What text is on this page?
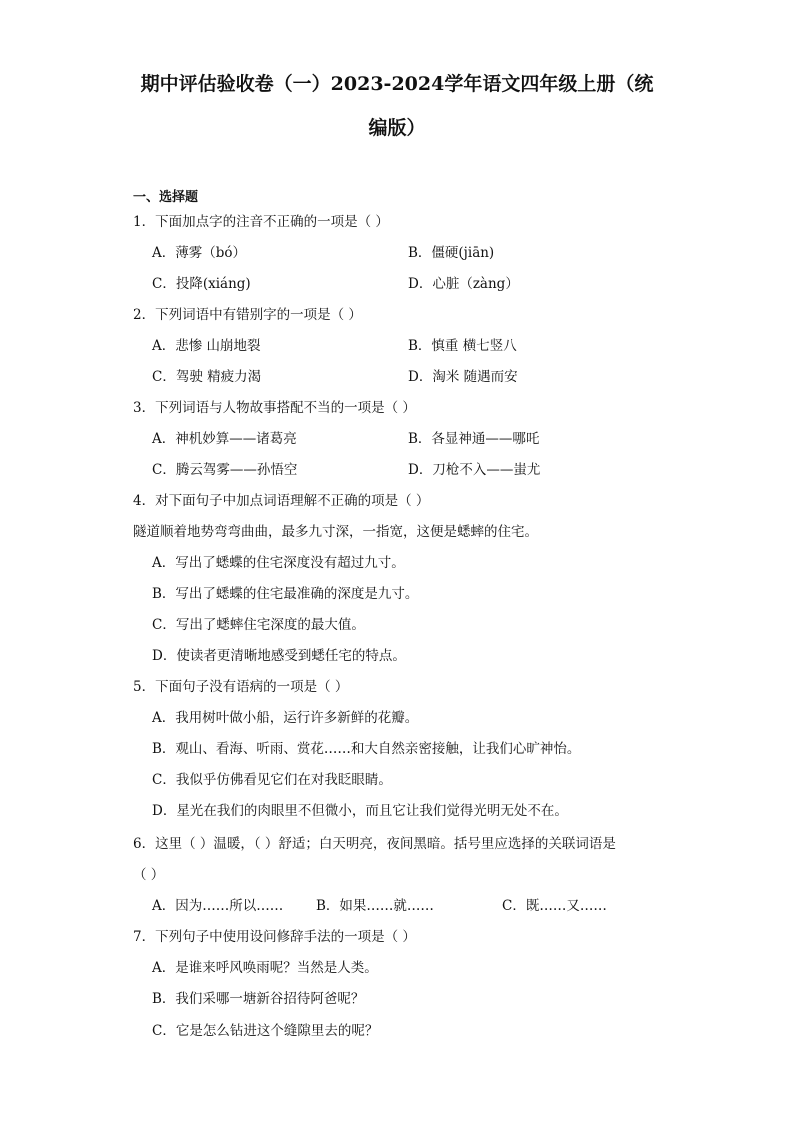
期中评估验收卷（一）2023-2024学年语文四年级上册（统
编版）
一、选择题
1．下面加点字的注音不正确的一项是（ ）
A．薄雾（bó）	B．僵硬(jiān)
C．投降(xiáng)	D．心脏（zàng）
2．下列词语中有错别字的一项是（ ）
A．悲惨 山崩地裂	B．慎重 横七竖八
C．驾驶 精疲力渴	D．淘米 随遇而安
3．下列词语与人物故事搭配不当的一项是（ ）
A．神机妙算——诸葛亮	B．各显神通——哪吒
C．腾云驾雾——孙悟空	D．刀枪不入——蚩尤
4．对下面句子中加点词语理解不正确的项是（ ）
隧道顺着地势弯弯曲曲，最多九寸深，一指宽，这便是蟋蟀的住宅。
A．写出了蟋蝶的住宅深度没有超过九寸。
B．写出了蟋蝶的住宅最准确的深度是九寸。
C．写出了蟋蟀住宅深度的最大值。
D．使读者更清晰地感受到蟋任宅的特点。
5．下面句子没有语病的一项是（ ）
A．我用树叶做小船，运行许多新鲜的花瓣。
B．观山、看海、听雨、赏花……和大自然亲密接触，让我们心旷神怡。
C．我似乎仿佛看见它们在对我眨眼睛。
D．星光在我们的肉眼里不但微小，而且它让我们觉得光明无处不在。
6．这里（ ）温暖，（ ）舒适；白天明亮，夜间黑暗。括号里应选择的关联词语是
（ ）
A．因为……所以…… B．如果……就……	C．既……又……
7．下列句子中使用设问修辞手法的一项是（ ）
A．是谁来呼风唤雨呢？当然是人类。
B．我们采哪一塘新谷招待阿爸呢？
C．它是怎么钻进这个缝隙里去的呢？
